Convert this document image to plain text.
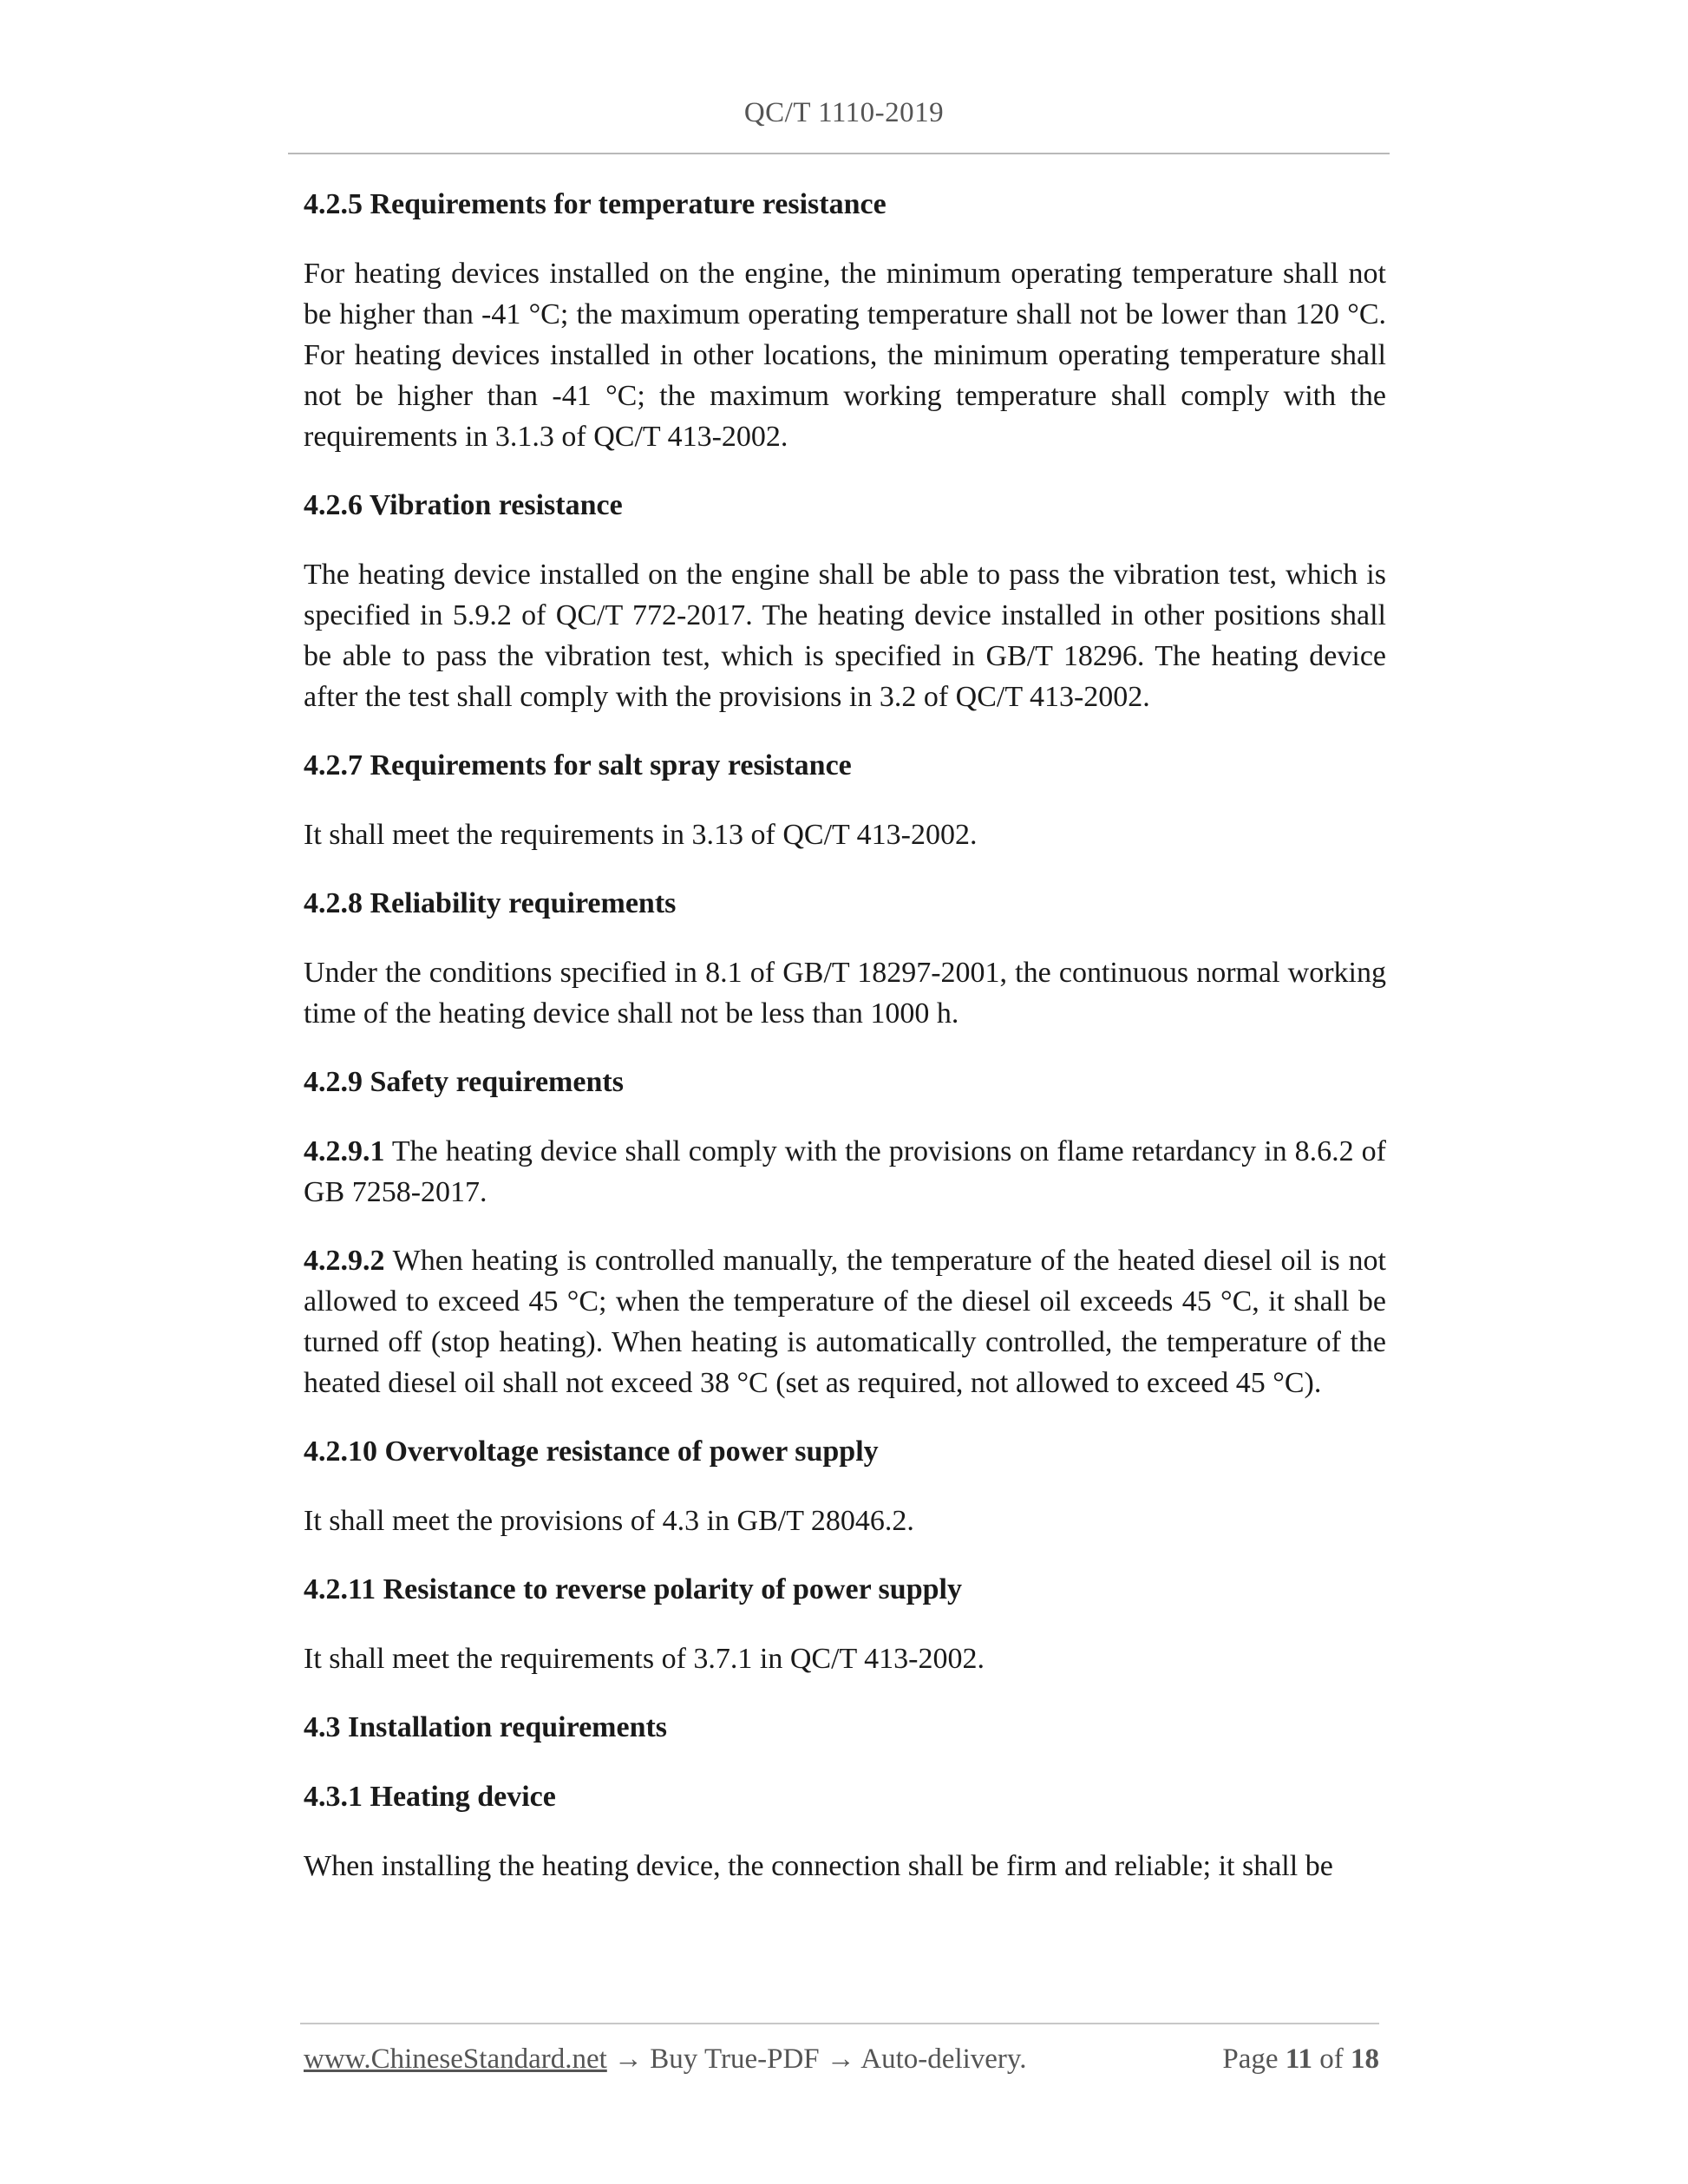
QC/T 1110-2019
4.2.5 Requirements for temperature resistance

For heating devices installed on the engine, the minimum operating temperature shall not be higher than -41 °C; the maximum operating temperature shall not be lower than 120 °C. For heating devices installed in other locations, the minimum operating temperature shall not be higher than -41 °C; the maximum working temperature shall comply with the requirements in 3.1.3 of QC/T 413-2002.

4.2.6 Vibration resistance

The heating device installed on the engine shall be able to pass the vibration test, which is specified in 5.9.2 of QC/T 772-2017. The heating device installed in other positions shall be able to pass the vibration test, which is specified in GB/T 18296. The heating device after the test shall comply with the provisions in 3.2 of QC/T 413-2002.

4.2.7 Requirements for salt spray resistance

It shall meet the requirements in 3.13 of QC/T 413-2002.

4.2.8 Reliability requirements

Under the conditions specified in 8.1 of GB/T 18297-2001, the continuous normal working time of the heating device shall not be less than 1000 h.

4.2.9 Safety requirements

4.2.9.1 The heating device shall comply with the provisions on flame retardancy in 8.6.2 of GB 7258-2017.

4.2.9.2 When heating is controlled manually, the temperature of the heated diesel oil is not allowed to exceed 45 °C; when the temperature of the diesel oil exceeds 45 °C, it shall be turned off (stop heating). When heating is automatically controlled, the temperature of the heated diesel oil shall not exceed 38 °C (set as required, not allowed to exceed 45 °C).

4.2.10 Overvoltage resistance of power supply

It shall meet the provisions of 4.3 in GB/T 28046.2.

4.2.11 Resistance to reverse polarity of power supply

It shall meet the requirements of 3.7.1 in QC/T 413-2002.

4.3 Installation requirements
4.3.1 Heating device

When installing the heating device, the connection shall be firm and reliable; it shall be

www.ChineseStandard.net → Buy True-PDF → Auto-delivery.	Page 11 of 18
